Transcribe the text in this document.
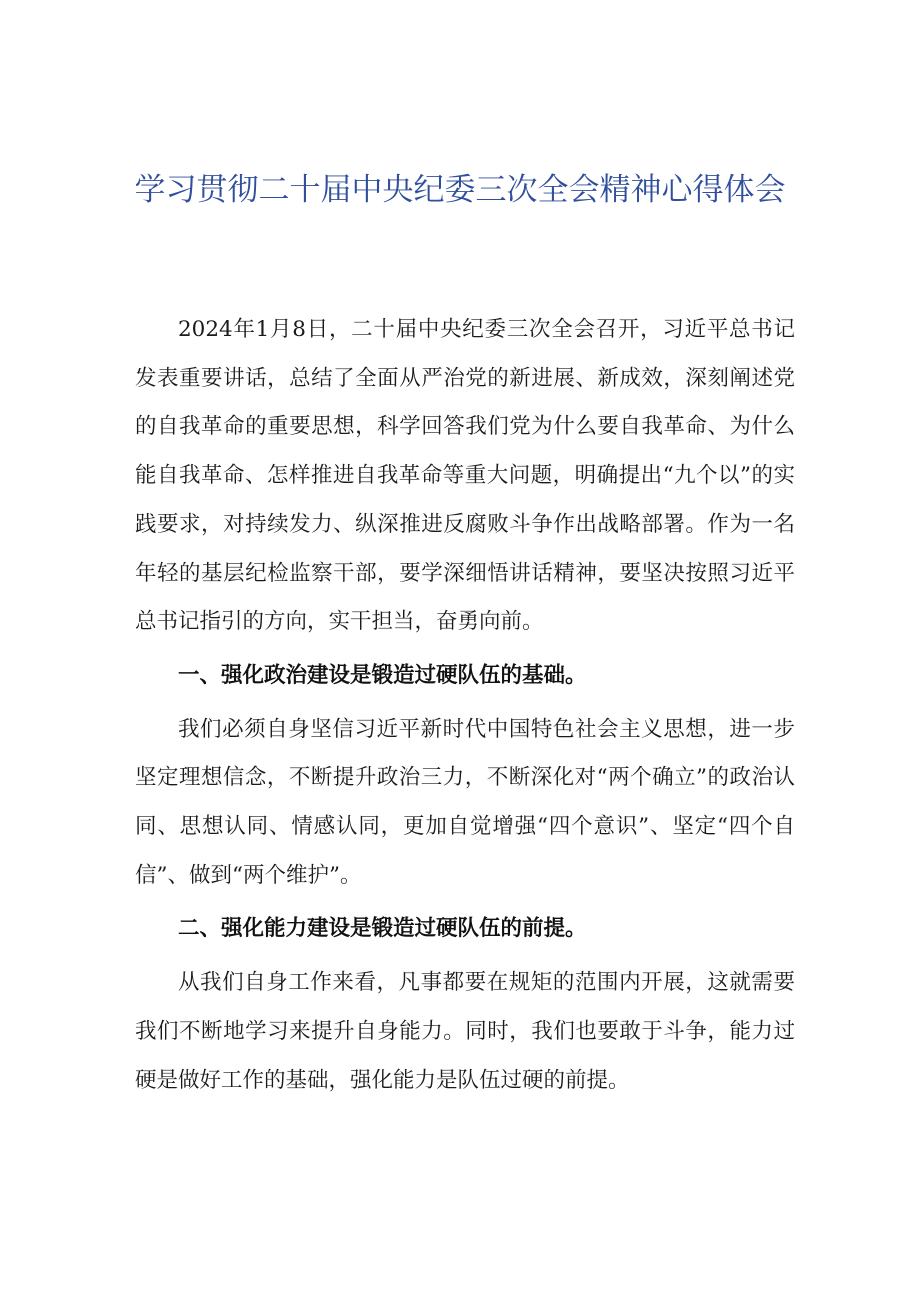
学习贯彻二十届中央纪委三次全会精神心得体会

2024年1月8日，二十届中央纪委三次全会召开，习近平总书记发表重要讲话，总结了全面从严治党的新进展、新成效，深刻阐述党的自我革命的重要思想，科学回答我们党为什么要自我革命、为什么能自我革命、怎样推进自我革命等重大问题，明确提出“九个以”的实践要求，对持续发力、纵深推进反腐败斗争作出战略部署。作为一名年轻的基层纪检监察干部，要学深细悟讲话精神，要坚决按照习近平总书记指引的方向，实干担当，奋勇向前。

一、强化政治建设是锻造过硬队伍的基础。

我们必须自身坚信习近平新时代中国特色社会主义思想，进一步坚定理想信念，不断提升政治三力，不断深化对“两个确立”的政治认同、思想认同、情感认同，更加自觉增强“四个意识”、坚定“四个自信”、做到“两个维护”。

二、强化能力建设是锻造过硬队伍的前提。

从我们自身工作来看，凡事都要在规矩的范围内开展，这就需要我们不断地学习来提升自身能力。同时，我们也要敢于斗争，能力过硬是做好工作的基础，强化能力是队伍过硬的前提。
